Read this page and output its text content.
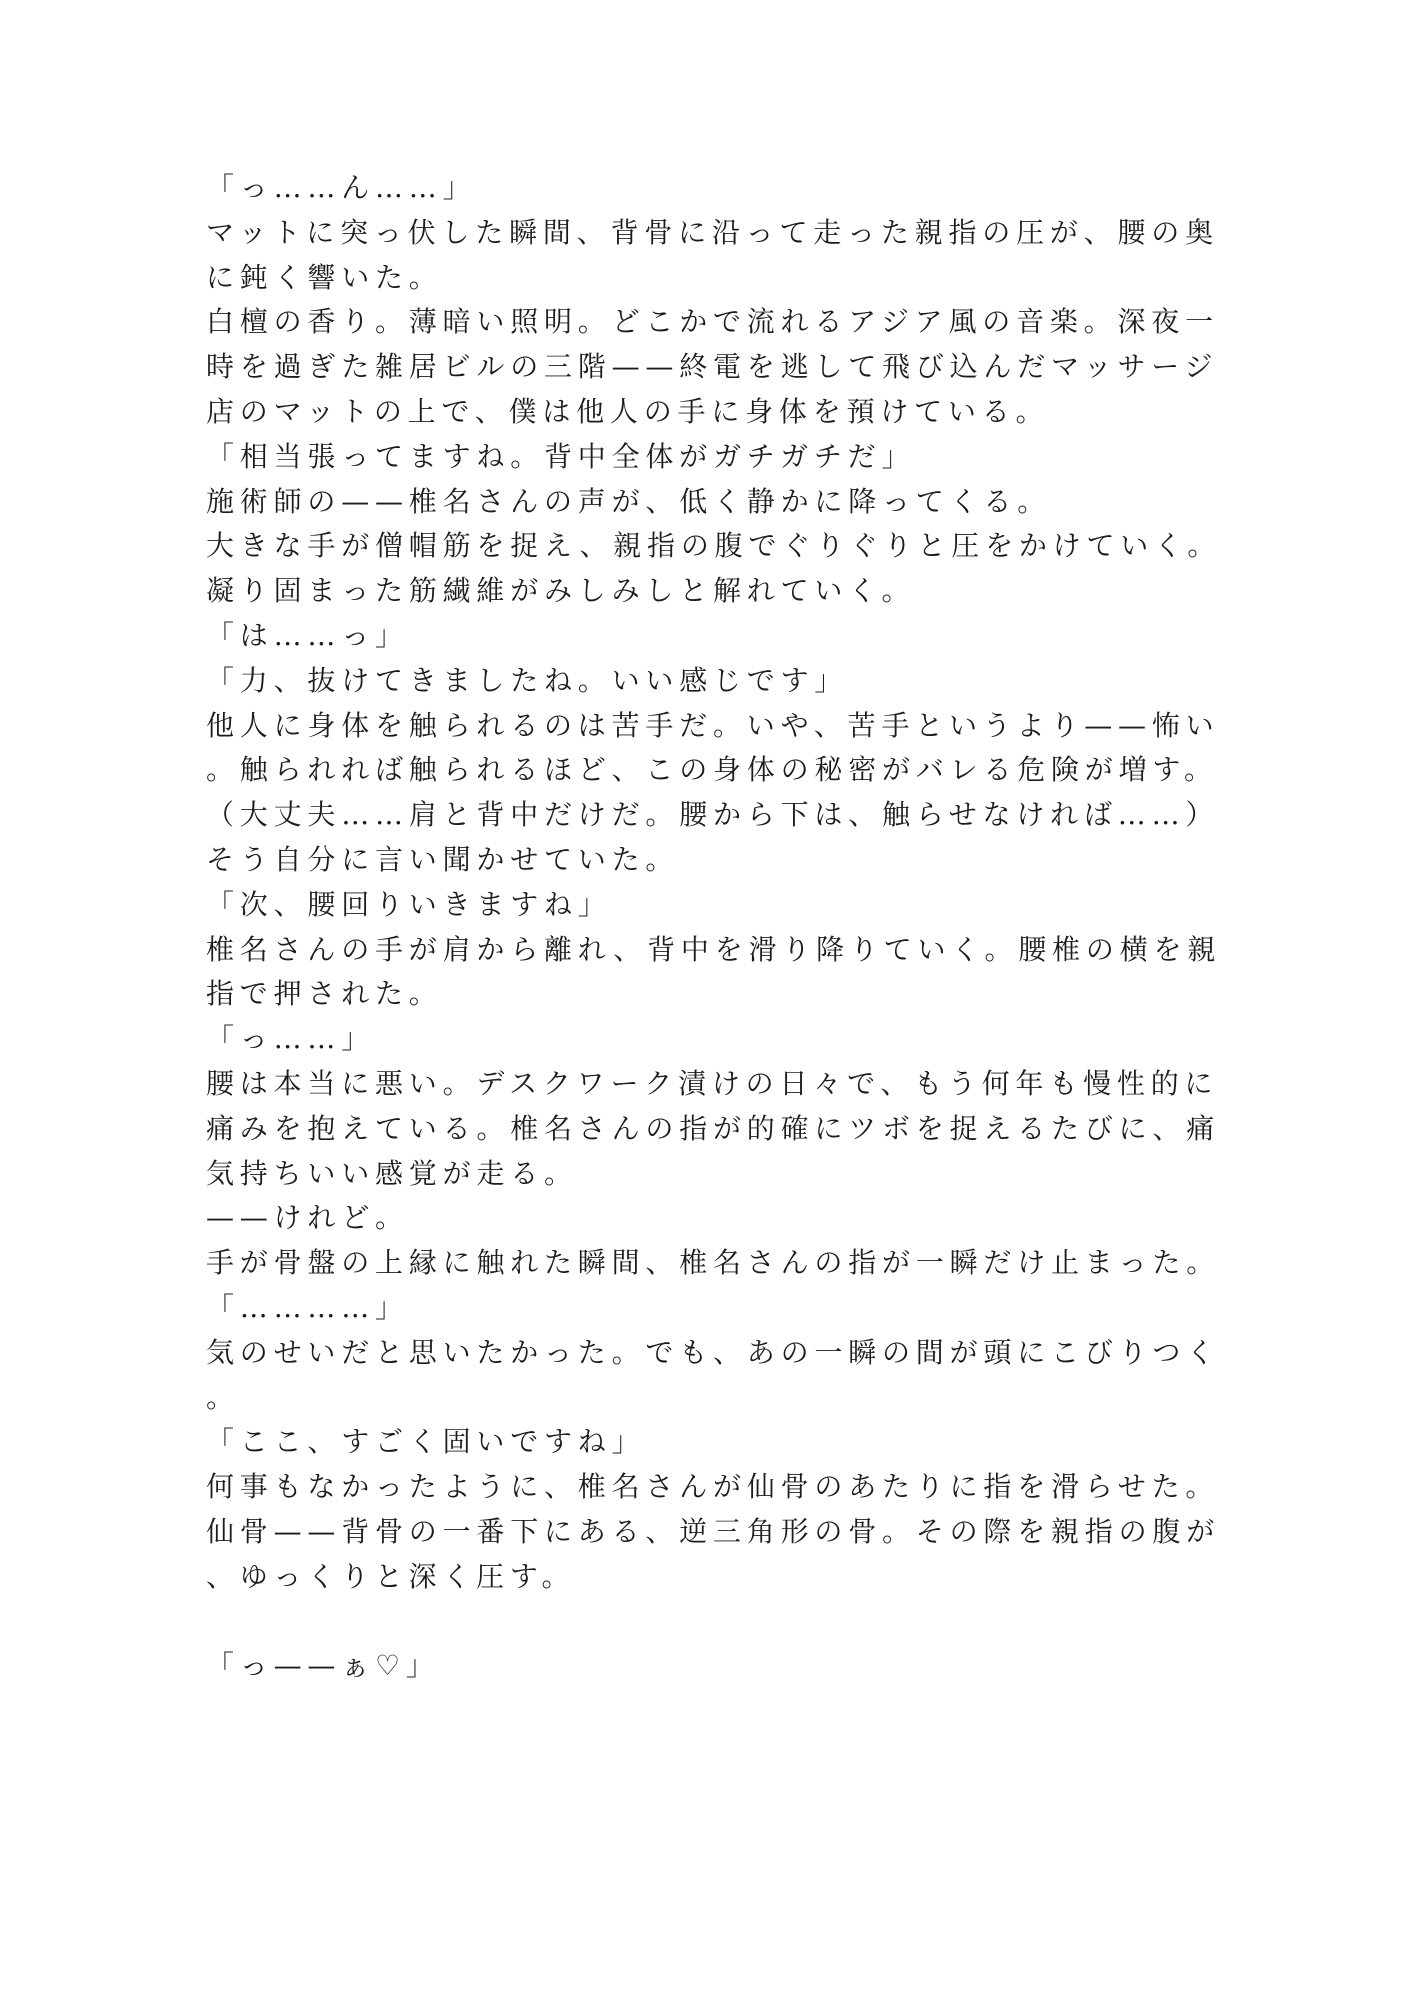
「っ……ん……」
マットに突っ伏した瞬間、背骨に沿って走った親指の圧が、腰の奥
に鈍く響いた。
白檀の香り。薄暗い照明。どこかで流れるアジア風の音楽。深夜一
時を過ぎた雑居ビルの三階——終電を逃して飛び込んだマッサージ
店のマットの上で、僕は他人の手に身体を預けている。
「相当張ってますね。背中全体がガチガチだ」
施術師の——椎名さんの声が、低く静かに降ってくる。
大きな手が僧帽筋を捉え、親指の腹でぐりぐりと圧をかけていく。
凝り固まった筋繊維がみしみしと解れていく。
「は……っ」
「力、抜けてきましたね。いい感じです」
他人に身体を触られるのは苦手だ。いや、苦手というより——怖い
。触られれば触られるほど、この身体の秘密がバレる危険が増す。
（大丈夫……肩と背中だけだ。腰から下は、触らせなければ……）
そう自分に言い聞かせていた。
「次、腰回りいきますね」
椎名さんの手が肩から離れ、背中を滑り降りていく。腰椎の横を親
指で押された。
「っ……」
腰は本当に悪い。デスクワーク漬けの日々で、もう何年も慢性的に
痛みを抱えている。椎名さんの指が的確にツボを捉えるたびに、痛
気持ちいい感覚が走る。
——けれど。
手が骨盤の上縁に触れた瞬間、椎名さんの指が一瞬だけ止まった。
「…………」
気のせいだと思いたかった。でも、あの一瞬の間が頭にこびりつく
。
「ここ、すごく固いですね」
何事もなかったように、椎名さんが仙骨のあたりに指を滑らせた。
仙骨——背骨の一番下にある、逆三角形の骨。その際を親指の腹が
、ゆっくりと深く圧す。
「っ——ぁ♡」
